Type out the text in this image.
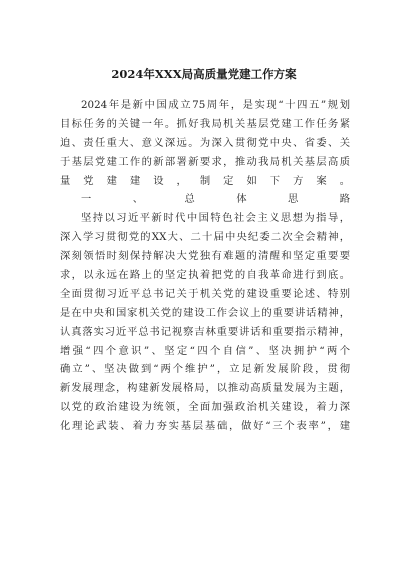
2024年XXX局高质量党建工作方案
2024年是新中国成立75周年，是实现“十四五”规划
目标任务的关键一年。抓好我局机关基层党建工作任务紧
迫、责任重大、意义深远。为深入贯彻党中央、省委、关
于基层党建工作的新部署新要求，推动我局机关基层高质
量党建建设，制定如下方案。
一、总体思路
坚持以习近平新时代中国特色社会主义思想为指导，
深入学习贯彻党的XX大、二十届中央纪委二次全会精神，
深刻领悟时刻保持解决大党独有难题的清醒和坚定重要要
求，以永远在路上的坚定执着把党的自我革命进行到底。
全面贯彻习近平总书记关于机关党的建设重要论述、特别
是在中央和国家机关党的建设工作会议上的重要讲话精神，
认真落实习近平总书记视察吉林重要讲话和重要指示精神，
增强“四个意识”、坚定“四个自信”、坚决拥护“两个
确立”、坚决做到“两个维护”，立足新发展阶段，贯彻
新发展理念，构建新发展格局，以推动高质量发展为主题，
以党的政治建设为统领，全面加强政治机关建设，着力深
化理论武装、着力夯实基层基础，做好“三个表率”，建
